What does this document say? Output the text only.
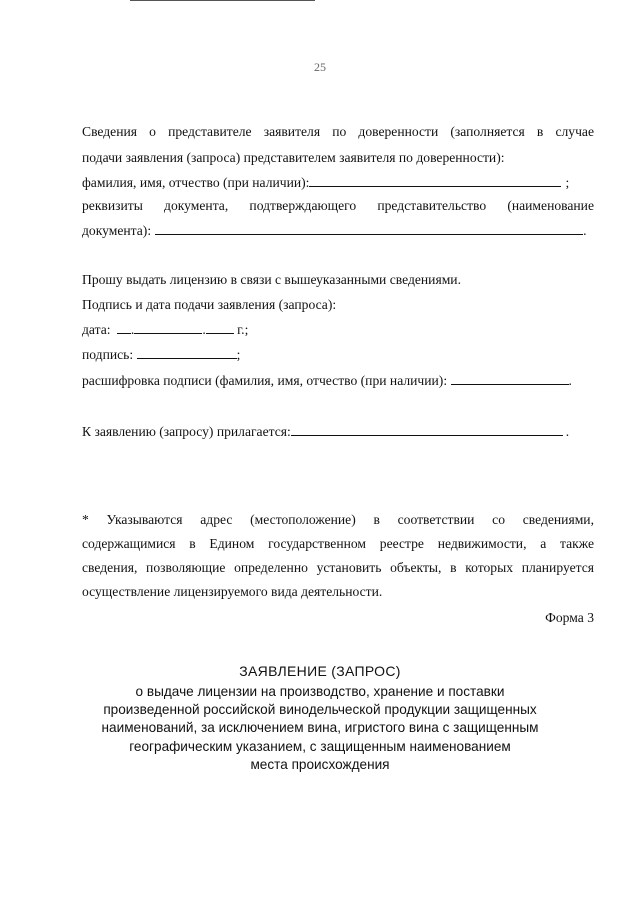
25
Сведения о представителе заявителя по доверенности (заполняется в случае
подачи заявления (запроса) представителем заявителя по доверенности):
фамилия, имя, отчество (при наличии):	;
реквизиты документа, подтверждающего представительство (наименование
документа):	.
Прошу выдать лицензию в связи с вышеуказанными сведениями.
Подпись и дата подачи заявления (запроса):
дата: .	. г.;
подпись:	;
расшифровка подписи (фамилия, имя, отчество (при наличии):	.
К заявлению (запросу) прилагается:	.
* Указываются адрес (местоположение) в соответствии со сведениями,
содержащимися в Едином государственном реестре недвижимости, а также
сведения, позволяющие определенно установить объекты, в которых планируется
осуществление лицензируемого вида деятельности.
Форма 3
ЗАЯВЛЕНИЕ (ЗАПРОС)
о выдаче лицензии на производство, хранение и поставки
произведенной российской винодельческой продукции защищенных
наименований, за исключением вина, игристого вина с защищенным
географическим указанием, с защищенным наименованием
места происхождения
